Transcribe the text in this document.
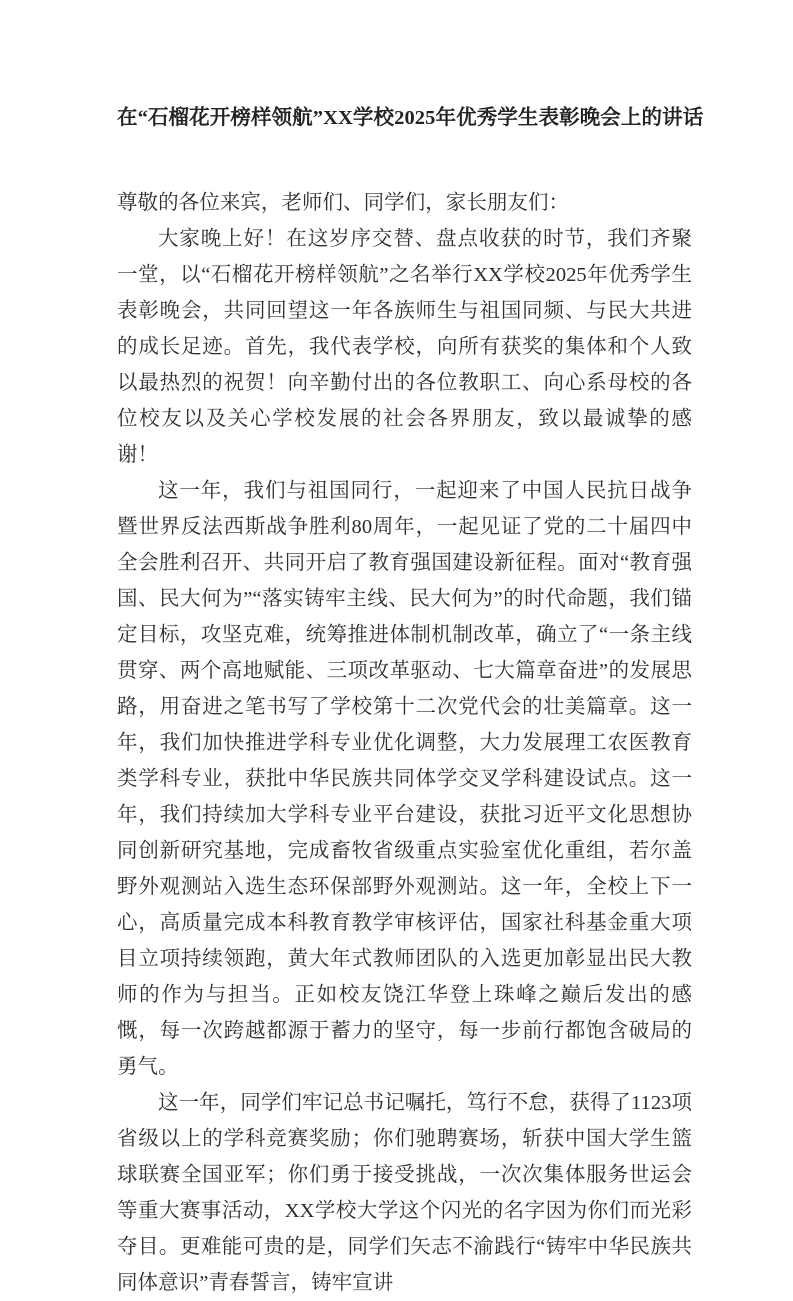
在“石榴花开榜样领航”XX学校2025年优秀学生表彰晚会上的讲话

尊敬的各位来宾，老师们、同学们，家长朋友们：

大家晚上好！在这岁序交替、盘点收获的时节，我们齐聚一堂，以“石榴花开榜样领航”之名举行XX学校2025年优秀学生表彰晚会，共同回望这一年各族师生与祖国同频、与民大共进的成长足迹。首先，我代表学校，向所有获奖的集体和个人致以最热烈的祝贺！向辛勤付出的各位教职工、向心系母校的各位校友以及关心学校发展的社会各界朋友，致以最诚挚的感谢！

这一年，我们与祖国同行，一起迎来了中国人民抗日战争暨世界反法西斯战争胜利80周年，一起见证了党的二十届四中全会胜利召开、共同开启了教育强国建设新征程。面对“教育强国、民大何为”“落实铸牢主线、民大何为”的时代命题，我们锚定目标，攻坚克难，统筹推进体制机制改革，确立了“一条主线贯穿、两个高地赋能、三项改革驱动、七大篇章奋进”的发展思路，用奋进之笔书写了学校第十二次党代会的壮美篇章。这一年，我们加快推进学科专业优化调整，大力发展理工农医教育类学科专业，获批中华民族共同体学交叉学科建设试点。这一年，我们持续加大学科专业平台建设，获批习近平文化思想协同创新研究基地，完成畜牧省级重点实验室优化重组，若尔盖野外观测站入选生态环保部野外观测站。这一年，全校上下一心，高质量完成本科教育教学审核评估，国家社科基金重大项目立项持续领跑，黄大年式教师团队的入选更加彰显出民大教师的作为与担当。正如校友饶江华登上珠峰之巅后发出的感慨，每一次跨越都源于蓄力的坚守，每一步前行都饱含破局的勇气。

这一年，同学们牢记总书记嘱托，笃行不怠，获得了1123项省级以上的学科竞赛奖励；你们驰聘赛场，斩获中国大学生篮球联赛全国亚军；你们勇于接受挑战，一次次集体服务世运会等重大赛事活动，XX学校大学这个闪光的名字因为你们而光彩夺目。更难能可贵的是，同学们矢志不渝践行“铸牢中华民族共同体意识”青春誓言，铸牢宣讲
